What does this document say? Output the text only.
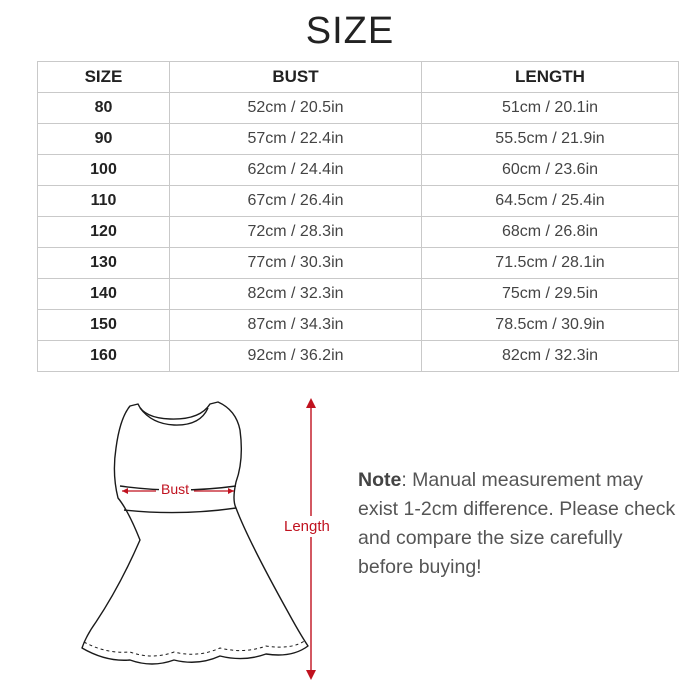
SIZE
SIZE	BUST	LENGTH
80	52cm / 20.5in	51cm / 20.1in
90	57cm / 22.4in	55.5cm / 21.9in
100	62cm / 24.4in	60cm / 23.6in
110	67cm / 26.4in	64.5cm / 25.4in
120	72cm / 28.3in	68cm / 26.8in
130	77cm / 30.3in	71.5cm / 28.1in
140	82cm / 32.3in	75cm / 29.5in
150	87cm / 34.3in	78.5cm / 30.9in
160	92cm / 36.2in	82cm / 32.3in
Bust
Length
Note: Manual measurement may exist 1-2cm difference. Please check and compare the size carefully before buying!
